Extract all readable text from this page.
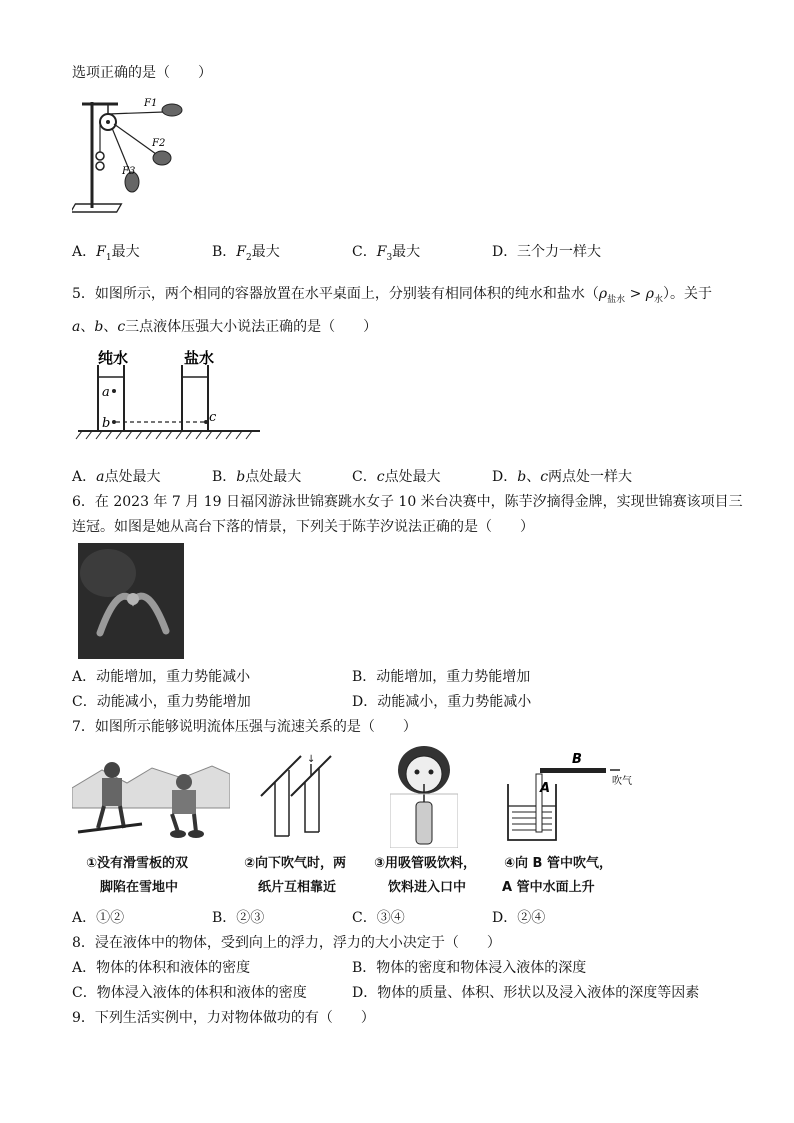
选项正确的是（　　）
F1
F2
F3
A．$F_1$最大	B．$F_2$最大	C．$F_3$最大	D． 三个力一样大
5．如图所示，两个相同的容器放置在水平桌面上，分别装有相同体积的纯水和盐水$(\rho_{盐水} > \rho_水)$。关于
a、b、c三点液体压强大小说法正确的是（　　）
纯水	盐水
a
b	c
A．a点处最大	B．b点处最大	C．c点处最大	D．b、c两点处一样大
6．在 2023 年 7 月 19 日福冈游泳世锦赛跳水女子 10 米台决赛中，陈芋汐摘得金牌，实现世锦赛该项目三
连冠。如图是她从高台下落的情景，下列关于陈芋汐说法正确的是（　　）
A．动能增加，重力势能减小	B．动能增加，重力势能增加
C．动能减小，重力势能增加	D．动能减小，重力势能减小
7．如图所示能够说明流体压强与流速关系的是（　　）
①没有滑雪板的双
脚陷在雪地中
↓
②向下吹气时，两
纸片互相靠近
③用吸管吸饮料，
饮料进入口中
B
吹气
A
④向 B 管中吹气，
A 管中水面上升
A．①②	B．②③	C．③④	D．②④
8．浸在液体中的物体，受到向上的浮力，浮力的大小决定于（　　）
A．物体的体积和液体的密度	B．物体的密度和物体浸入液体的深度
C．物体浸入液体的体积和液体的密度	D．物体的质量、体积、形状以及浸入液体的深度等因素
9．下列生活实例中，力对物体做功的有（　　）
